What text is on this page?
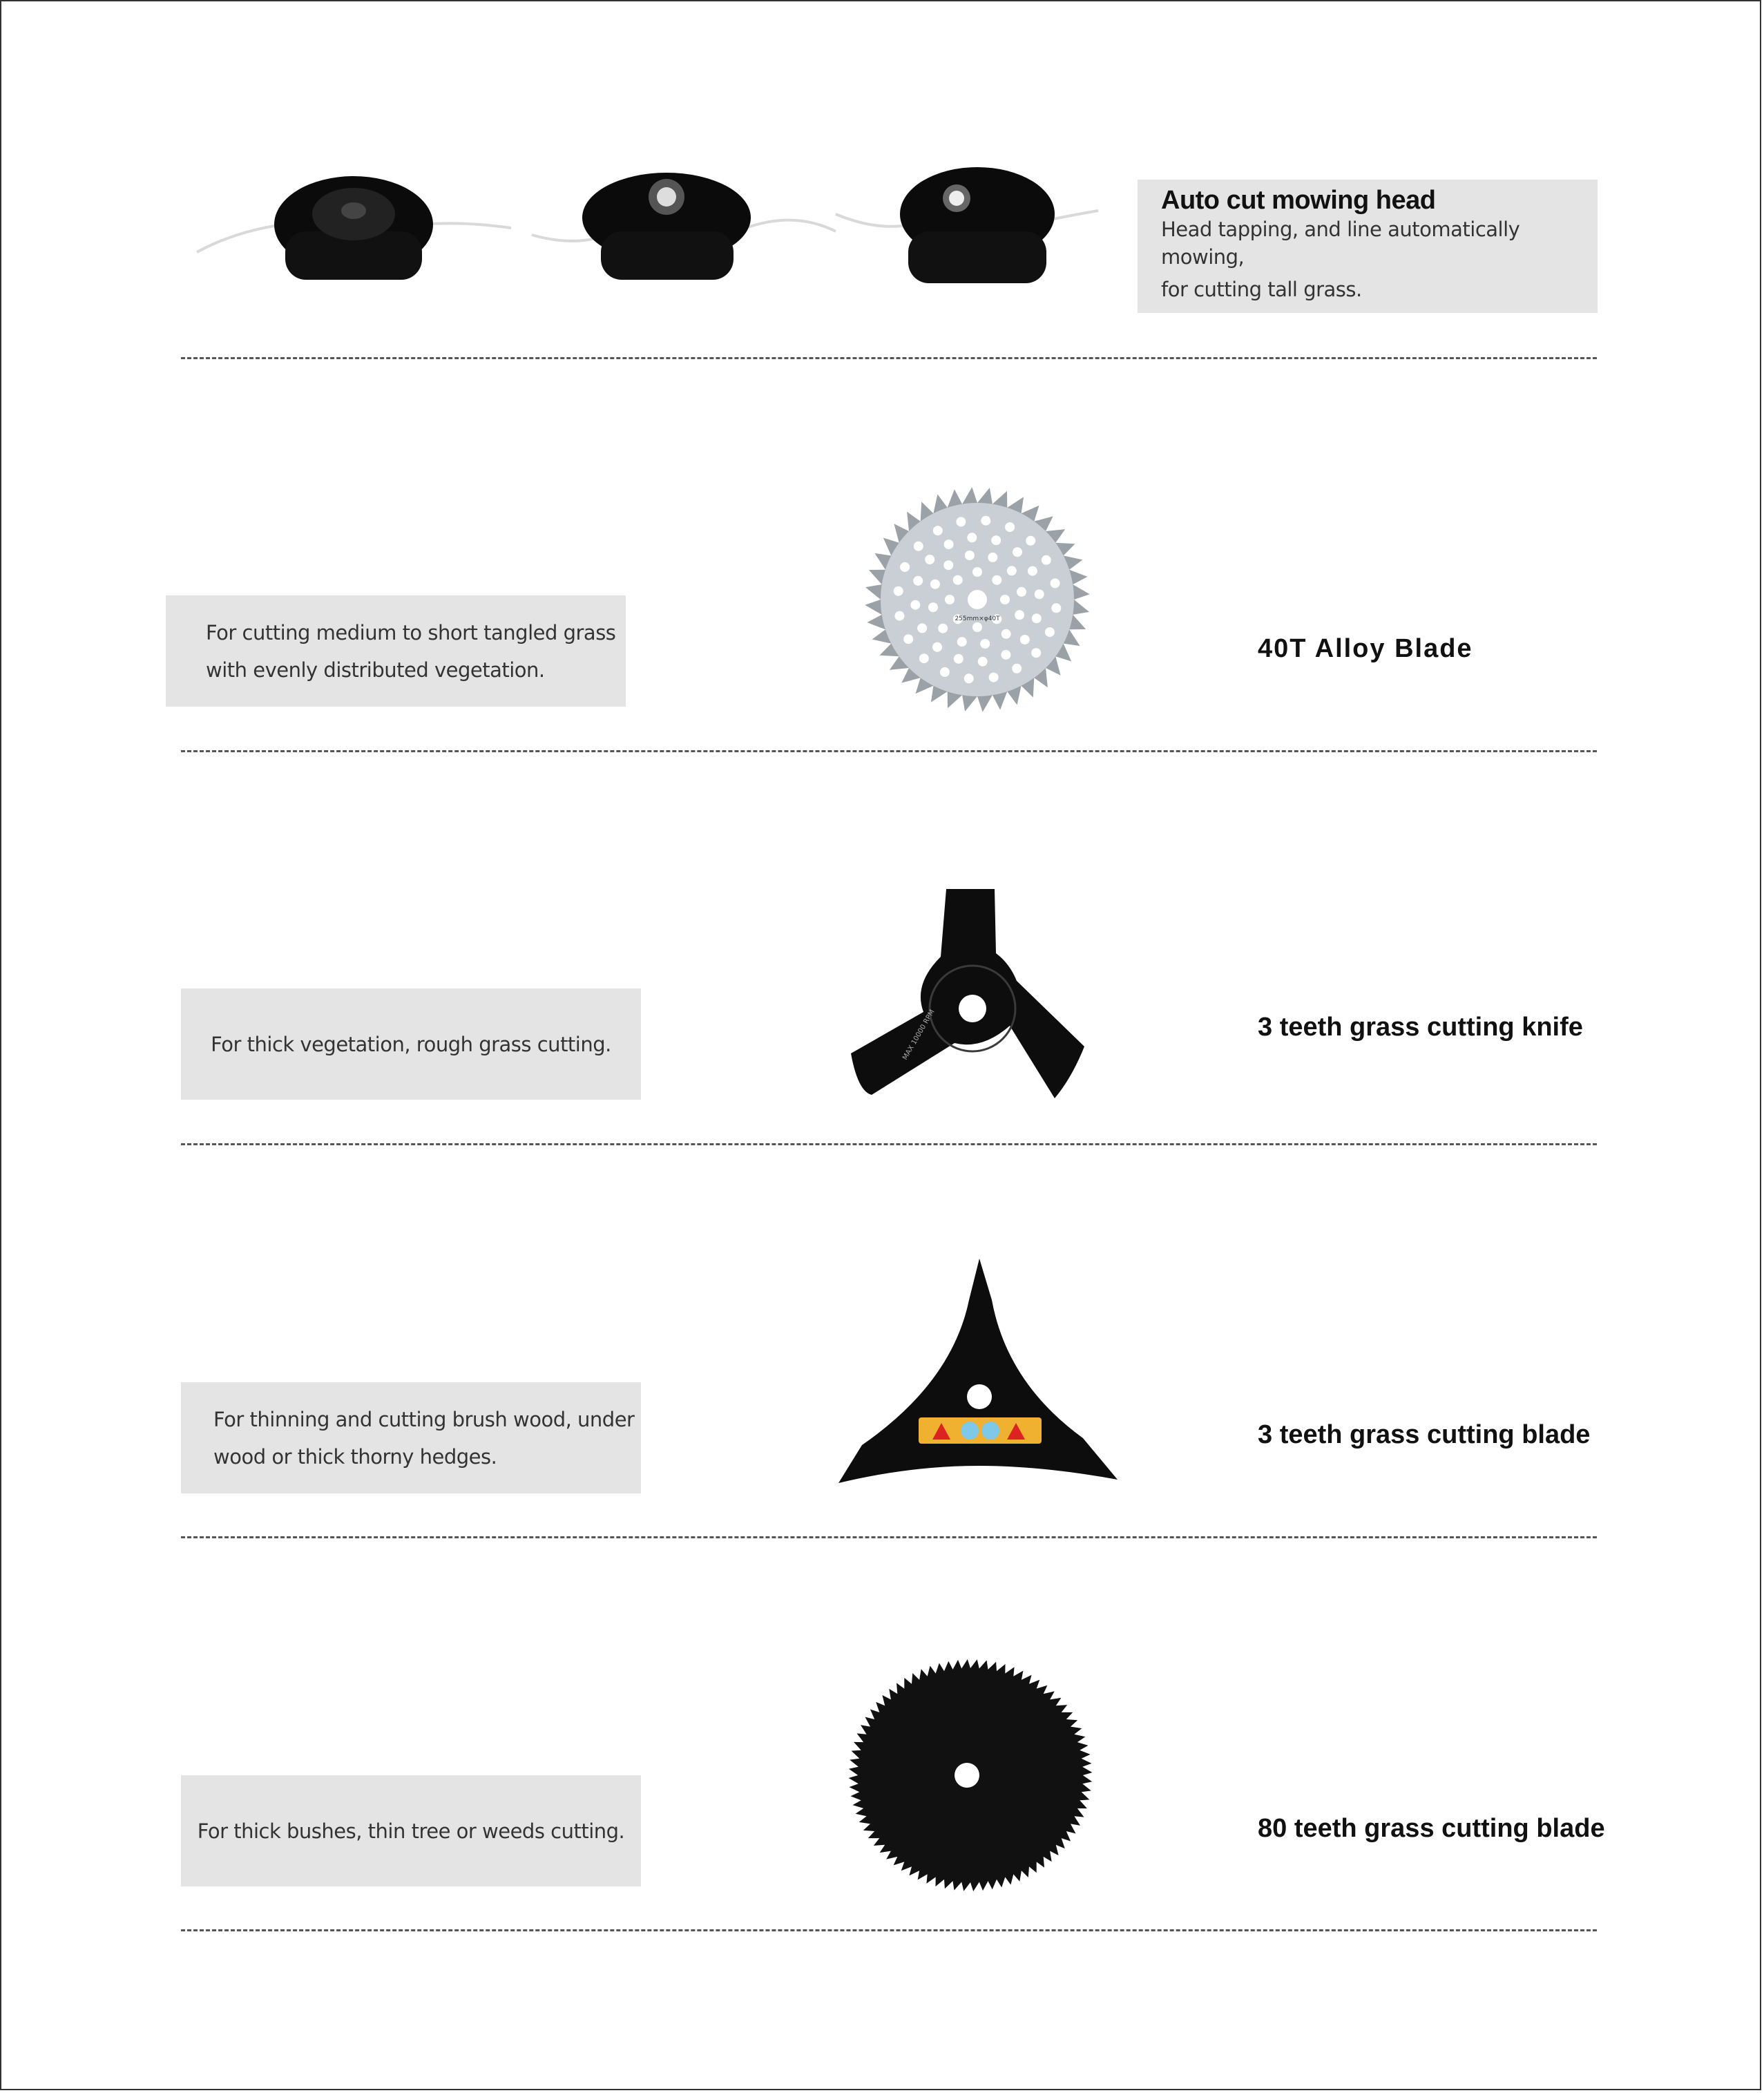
Auto cut mowing head
Head tapping, and line automatically mowing,
for cutting tall grass.
For cutting medium to short tangled grass
with evenly distributed vegetation.
255mm×φ40T
40T Alloy Blade
For thick vegetation, rough grass cutting.	MAX 10000 RPM	3 teeth grass cutting knife
For thinning and cutting brush wood, under
wood or thick thorny hedges.
3 teeth grass cutting blade
For thick bushes, thin tree or weeds cutting.	80 teeth grass cutting blade
